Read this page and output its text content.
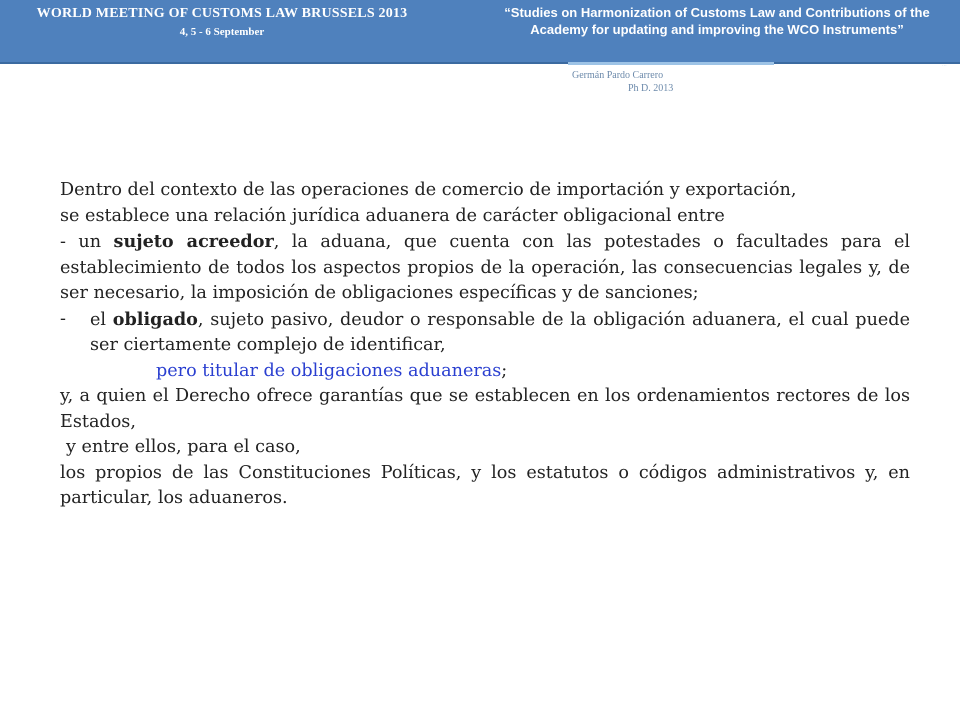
WORLD MEETING OF CUSTOMS LAW BRUSSELS 2013
4, 5 - 6 September
“Studies on Harmonization of Customs Law and Contributions of the Academy for updating and improving the WCO Instruments”
...
Germán Pardo Carrero
Ph D. 2013

Dentro del contexto de las operaciones de comercio de importación y exportación,

se establece una relación jurídica aduanera de carácter obligacional entre

- un sujeto acreedor, la aduana, que cuenta con las potestades o facultades para el establecimiento de todos los aspectos propios de la operación, las consecuencias legales y, de ser necesario, la imposición de obligaciones específicas y de sanciones;

-	el obligado, sujeto pasivo, deudor o responsable de la obligación aduanera, el cual puede ser ciertamente complejo de identificar,

pero titular de obligaciones aduaneras;

y, a quien el Derecho ofrece garantías que se establecen en los ordenamientos rectores de los Estados,

y entre ellos, para el caso,

los propios de las Constituciones Políticas, y los estatutos o códigos administrativos y, en particular, los aduaneros.
